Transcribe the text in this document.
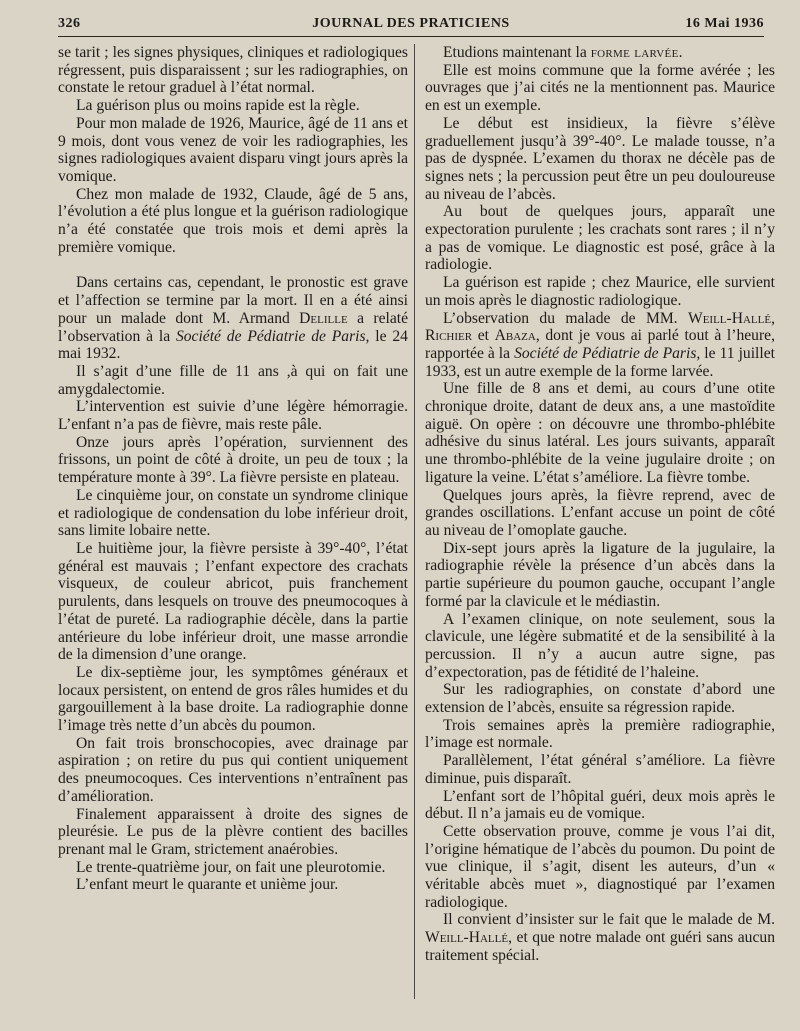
326	JOURNAL DES PRATICIENS	16 Mai 1936

se tarit ; les signes physiques, cliniques et radiologiques régressent, puis disparaissent ; sur les radiographies, on constate le retour graduel à l’état normal.

La guérison plus ou moins rapide est la règle.

Pour mon malade de 1926, Maurice, âgé de 11 ans et 9 mois, dont vous venez de voir les radiographies, les signes radiologiques avaient disparu vingt jours après la vomique.

Chez mon malade de 1932, Claude, âgé de 5 ans, l’évolution a été plus longue et la guérison radiologique n’a été constatée que trois mois et demi après la première vomique.

Dans certains cas, cependant, le pronostic est grave et l’affection se termine par la mort. Il en a été ainsi pour un malade dont M. Armand Delille a relaté l’observation à la Société de Pédiatrie de Paris, le 24 mai 1932.

Il s’agit d’une fille de 11 ans ,à qui on fait une amygdalectomie.

L’intervention est suivie d’une légère hémorragie. L’enfant n’a pas de fièvre, mais reste pâle.

Onze jours après l’opération, surviennent des frissons, un point de côté à droite, un peu de toux ; la température monte à 39°. La fièvre persiste en plateau.

Le cinquième jour, on constate un syndrome clinique et radiologique de condensation du lobe inférieur droit, sans limite lobaire nette.

Le huitième jour, la fièvre persiste à 39°-40°, l’état général est mauvais ; l’enfant expectore des crachats visqueux, de couleur abricot, puis franchement purulents, dans lesquels on trouve des pneumocoques à l’état de pureté. La radiographie décèle, dans la partie antérieure du lobe inférieur droit, une masse arrondie de la dimension d’une orange.

Le dix-septième jour, les symptômes généraux et locaux persistent, on entend de gros râles humides et du gargouillement à la base droite. La radiographie donne l’image très nette d’un abcès du poumon.

On fait trois bronschocopies, avec drainage par aspiration ; on retire du pus qui contient uniquement des pneumocoques. Ces interventions n’entraînent pas d’amélioration.

Finalement apparaissent à droite des signes de pleurésie. Le pus de la plèvre contient des bacilles prenant mal le Gram, strictement anaérobies.

Le trente-quatrième jour, on fait une pleurotomie.

L’enfant meurt le quarante et unième jour.

Etudions maintenant la forme larvée.

Elle est moins commune que la forme avérée ; les ouvrages que j’ai cités ne la mentionnent pas. Maurice en est un exemple.

Le début est insidieux, la fièvre s’élève graduellement jusqu’à 39°-40°. Le malade tousse, n’a pas de dyspnée. L’examen du thorax ne décèle pas de signes nets ; la percussion peut être un peu douloureuse au niveau de l’abcès.

Au bout de quelques jours, apparaît une expectoration purulente ; les crachats sont rares ; il n’y a pas de vomique. Le diagnostic est posé, grâce à la radiologie.

La guérison est rapide ; chez Maurice, elle survient un mois après le diagnostic radiologique.

L’observation du malade de MM. Weill-Hallé, Richier et Abaza, dont je vous ai parlé tout à l’heure, rapportée à la Société de Pédiatrie de Paris, le 11 juillet 1933, est un autre exemple de la forme larvée.

Une fille de 8 ans et demi, au cours d’une otite chronique droite, datant de deux ans, a une mastoïdite aiguë. On opère : on découvre une thrombo-phlébite adhésive du sinus latéral. Les jours suivants, apparaît une thrombo-phlébite de la veine jugulaire droite ; on ligature la veine. L’état s’améliore. La fièvre tombe.

Quelques jours après, la fièvre reprend, avec de grandes oscillations. L’enfant accuse un point de côté au niveau de l’omoplate gauche.

Dix-sept jours après la ligature de la jugulaire, la radiographie révèle la présence d’un abcès dans la partie supérieure du poumon gauche, occupant l’angle formé par la clavicule et le médiastin.

A l’examen clinique, on note seulement, sous la clavicule, une légère submatité et de la sensibilité à la percussion. Il n’y a aucun autre signe, pas d’expectoration, pas de fétidité de l’haleine.

Sur les radiographies, on constate d’abord une extension de l’abcès, ensuite sa régression rapide.

Trois semaines après la première radiographie, l’image est normale.

Parallèlement, l’état général s’améliore. La fièvre diminue, puis disparaît.

L’enfant sort de l’hôpital guéri, deux mois après le début. Il n’a jamais eu de vomique.

Cette observation prouve, comme je vous l’ai dit, l’origine hématique de l’abcès du poumon. Du point de vue clinique, il s’agit, disent les auteurs, d’un « véritable abcès muet », diagnostiqué par l’examen radiologique.

Il convient d’insister sur le fait que le malade de M. Weill-Hallé, et que notre malade ont guéri sans aucun traitement spécial.
